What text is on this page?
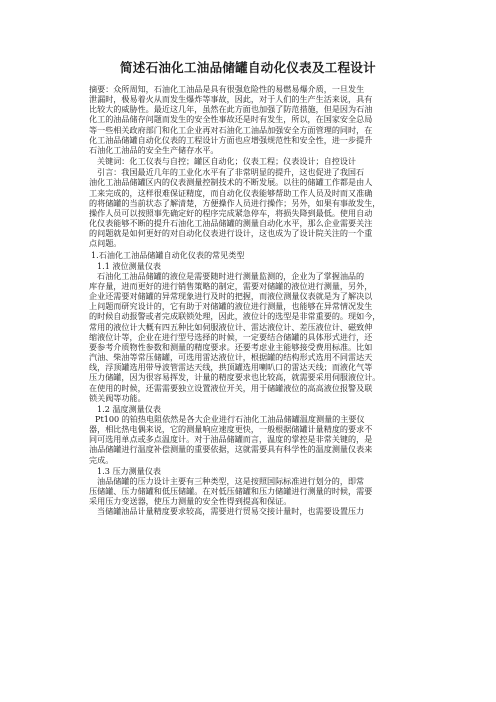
简述石油化工油品储罐自动化仪表及工程设计
摘要：众所周知，石油化工油品是具有很强危险性的易燃易爆介质，一旦发生
泄漏时，极易着火从而发生爆炸等事故，因此，对于人们的生产生活来说，具有
比较大的威胁性。最近这几年，虽然在此方面也加强了防范措施，但是因为石油
化工的油品储存问题而发生的安全性事故还是时有发生，所以，在国家安全总局
等一些相关政府部门和化工企业再对石油化工油品加强安全方面管理的同时，在
化工油品储罐自动化仪表的工程设计方面也应增强规范性和安全性，进一步提升
石油化工油品的安全生产储存水平。
关键词：化工仪表与自控；罐区自动化；仪表工程；仪表设计；自控设计
引言：我国最近几年的工业化水平有了非常明显的提升，这也促进了我国石
油化工油品储罐区内的仪表测量控制技术的不断发展。以往的储罐工作都是由人
工来完成的，这样很难保证精度，而自动化仪表能够帮助工作人员及时而又准确
的将储罐的当前状态了解清楚，方便操作人员进行操作；另外，如果有事故发生，
操作人员可以按照事先确定好的程序完成紧急停车，将损失降到最低。使用自动
化仪表能够不断的提升石油化工油品储罐的测量自动化水平，那么企业需要关注
的问题就是如何更好的对自动化仪表进行设计，这也成为了设计院关注的一个重
点问题。
1.石油化工油品储罐自动化仪表的常见类型
1.1 液位测量仪表
石油化工油品储罐的液位是需要随时进行测量监测的，企业为了掌握油品的
库存量，进而更好的进行销售策略的制定，需要对储罐的液位进行测量，另外，
企业还需要对储罐的异常现象进行及时的把握，而液位测量仪表就是为了解决以
上问题而研究设计的，它有助于对储罐的液位进行测量，也能够在异常情况发生
的时候自动报警或者完成联锁处理，因此，液位计的选型是非常重要的。现如今，
常用的液位计大概有四五种比如伺服液位计、雷达液位计、差压液位计、磁致伸
缩液位计等，企业在进行型号选择的时候，一定要结合储罐的具体形式进行，还
要参考介质物性参数和测量的精度要求。还要考虑业主能够接受费用标准。比如
汽油、柴油等常压储罐，可选用雷达液位计，根据罐的结构形式选用不同雷达天
线，浮顶罐选用带导波管雷达天线，拱顶罐选用喇叭口的雷达天线；而液化气等
压力储罐，因为很容易挥发，计量的精度要求也比较高，就需要采用伺服液位计。
在使用的时候，还需需要独立设置液位开关，用于储罐液位的高高液位报警及联
锁关阀等功能。
1.2 温度测量仪表
Pt100 的铂热电阻依然是各大企业进行石油化工油品储罐温度测量的主要仪
器，相比热电偶来说，它的测量响应速度更快，一般根据储罐计量精度的要求不
同可选用单点或多点温度计。对于油品储罐而言，温度的掌控是非常关键的，是
油品储罐进行温度补偿测量的重要依据，这就需要具有科学性的温度测量仪表来
完成。
1.3 压力测量仪表
油品储罐的压力设计主要有三种类型，这是按照国际标准进行划分的，即常
压储罐、压力储罐和低压储罐。在对低压储罐和压力储罐进行测量的时候，需要
采用压力变送器，使压力测量的安全性得到提高和保证。
当储罐油品计量精度要求较高，需要进行贸易交接计量时，也需要设置压力
